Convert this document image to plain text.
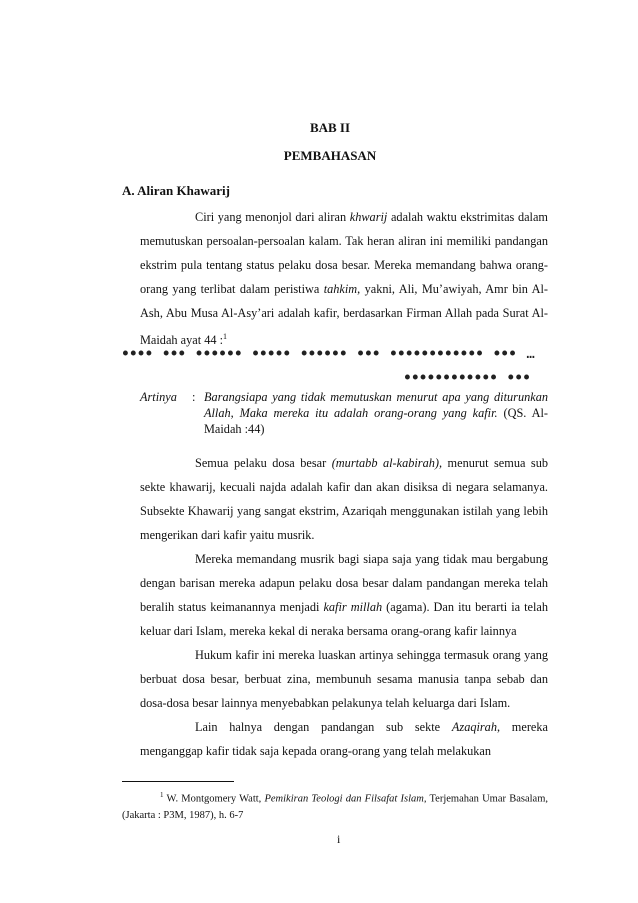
BAB II
PEMBAHASAN
A. Aliran Khawarij

Ciri yang menonjol dari aliran khwarij adalah waktu ekstrimitas dalam memutuskan persoalan-persoalan kalam. Tak heran aliran ini memiliki pandangan ekstrim pula tentang status pelaku dosa besar. Mereka memandang bahwa orang-orang yang terlibat dalam peristiwa tahkim, yakni, Ali, Mu’awiyah, Amr bin Al-Ash, Abu Musa Al-Asy’ari adalah kafir, berdasarkan Firman Allah pada Surat Al-Maidah ayat 44 :$^1$

ꔷꔷꔷꔷ ꔷꔷꔷ ꔷꔷꔷꔷꔷꔷ ꔷꔷꔷꔷꔷ ꔷꔷꔷꔷꔷꔷ ꔷꔷꔷ ꔷꔷꔷꔷꔷꔷꔷꔷꔷꔷꔷꔷ ꔷꔷꔷ …
ꔷꔷꔷꔷꔷꔷꔷꔷꔷꔷꔷꔷ ꔷꔷꔷ
Artinya : Barangsiapa yang tidak memutuskan menurut apa yang diturunkan Allah, Maka mereka itu adalah orang-orang yang kafir. (QS. Al-Maidah :44)

Semua pelaku dosa besar (murtabb al-kabirah), menurut semua sub sekte khawarij, kecuali najda adalah kafir dan akan disiksa di negara selamanya. Subsekte Khawarij yang sangat ekstrim, Azariqah menggunakan istilah yang lebih mengerikan dari kafir yaitu musrik.

Mereka memandang musrik bagi siapa saja yang tidak mau bergabung dengan barisan mereka adapun pelaku dosa besar dalam pandangan mereka telah beralih status keimanannya menjadi kafir millah (agama). Dan itu berarti ia telah keluar dari Islam, mereka kekal di neraka bersama orang-orang kafir lainnya

Hukum kafir ini mereka luaskan artinya sehingga termasuk orang yang berbuat dosa besar, berbuat zina, membunuh sesama manusia tanpa sebab dan dosa-dosa besar lainnya menyebabkan pelakunya telah keluarga dari Islam.

Lain halnya dengan pandangan sub sekte Azaqirah, mereka menganggap kafir tidak saja kepada orang-orang yang telah melakukan

$^1$ W. Montgomery Watt, Pemikiran Teologi dan Filsafat Islam, Terjemahan Umar Basalam, (Jakarta : P3M, 1987), h. 6-7
i
